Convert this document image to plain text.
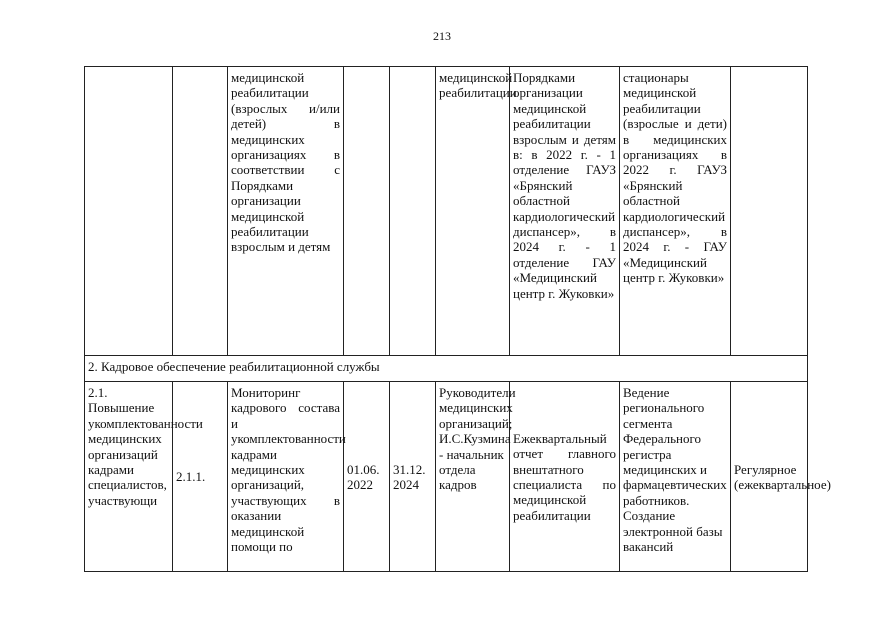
213
		медицинской реабилитации (взрослых и/или детей) в медицинских организациях в соответствии с Порядками организации медицинской реабилитации взрослым и детям			медицинской реабилитации	Порядками организации медицинской реабилитации взрослым и детям в: в 2022 г. - 1 отделение ГАУЗ «Брянский областной кардиологический диспансер», в 2024 г. - 1 отделение ГАУ «Медицинский центр г. Жуковки»	стационары медицинской реабилитации (взрослые и дети) в медицинских организациях в 2022 г. ГАУЗ «Брянский областной кардиологический диспансер», в 2024 г. - ГАУ «Медицинский центр г. Жуковки»	
2. Кадровое обеспечение реабилитационной службы								
2.1. Повышение укомплектованности медицинских организаций кадрами специалистов, участвующи	2.1.1.	Мониторинг кадрового состава и укомплектованности кадрами медицинских организаций, участвующих в оказании медицинской помощи по	01.06. 2022	31.12. 2024	Руководители медицинских организаций; И.С.Кузмина - начальник отдела кадров	Ежеквартальный отчет главного внештатного специалиста по медицинской реабилитации	Ведение регионального сегмента Федерального регистра медицинских и фармацевтических работников. Создание электронной базы вакансий	Регулярное (ежеквартальное)
